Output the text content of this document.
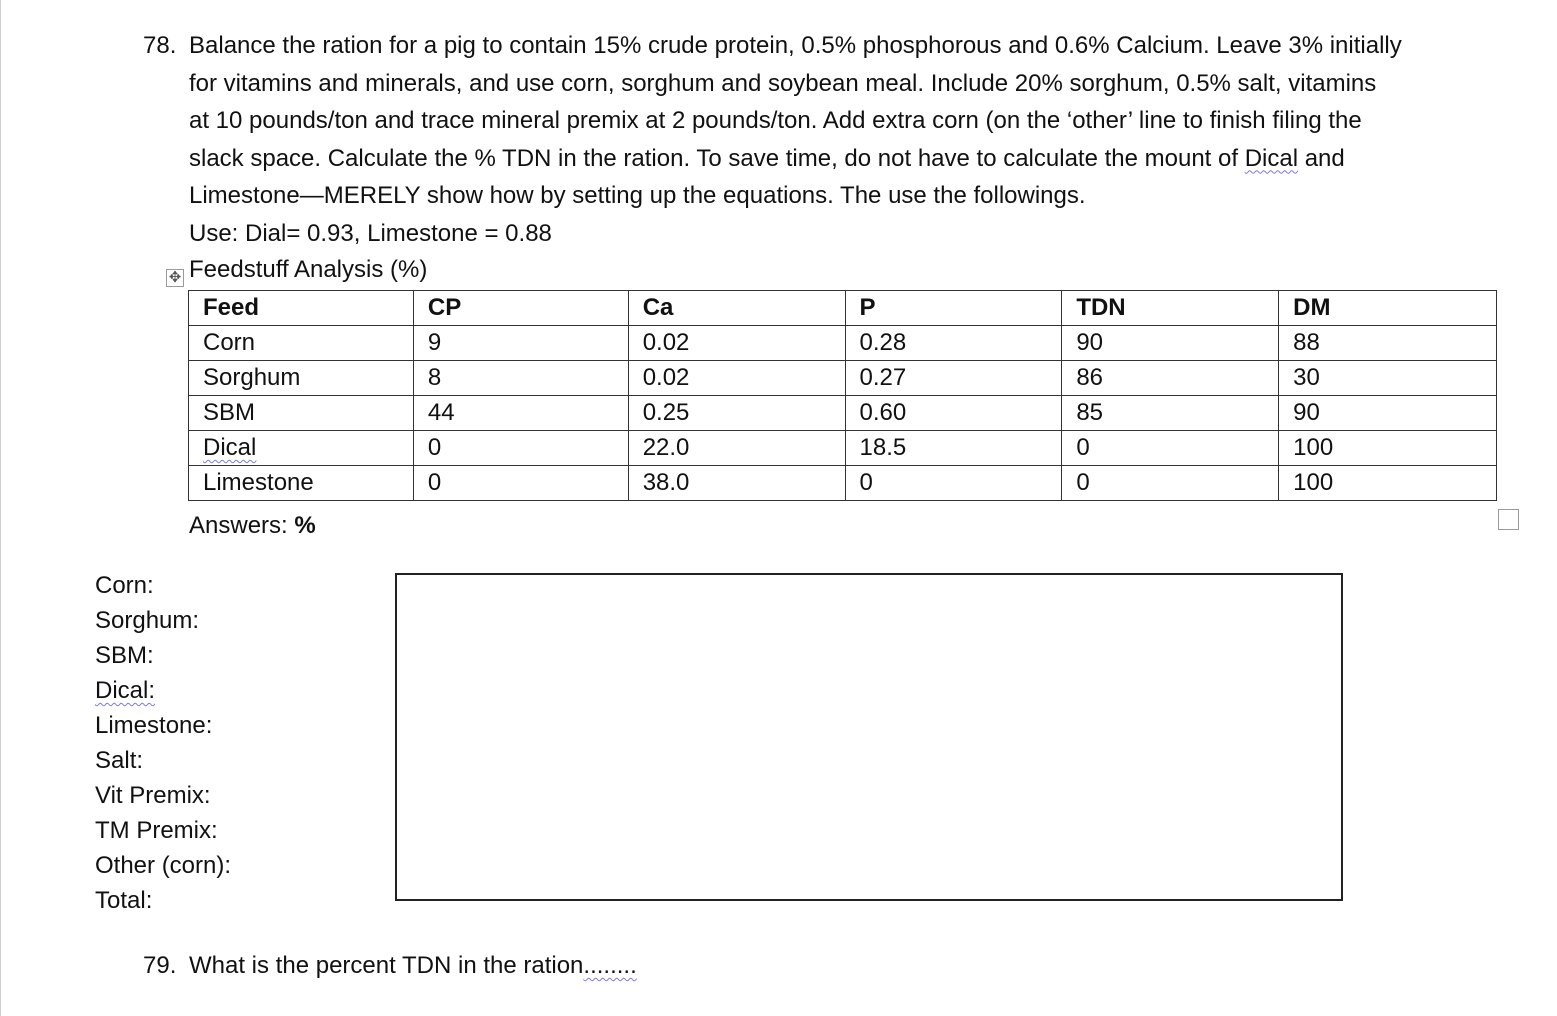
78. Balance the ration for a pig to contain 15% crude protein, 0.5% phosphorous and 0.6% Calcium. Leave 3% initially

for vitamins and minerals, and use corn, sorghum and soybean meal. Include 20% sorghum, 0.5% salt, vitamins

at 10 pounds/ton and trace mineral premix at 2 pounds/ton. Add extra corn (on the ‘other’ line to finish filing the

slack space. Calculate the % TDN in the ration. To save time, do not have to calculate the mount of Dical and

Limestone—MERELY show how by setting up the equations. The use the followings.

Use: Dial= 0.93, Limestone = 0.88

✥ Feedstuff Analysis (%)
Feed	CP	Ca	P	TDN	DM
Corn	9	0.02	0.28	90	88
Sorghum	8	0.02	0.27	86	30
SBM	44	0.25	0.60	85	90
Dical	0	22.0	18.5	0	100
Limestone	0	38.0	0	0	100
Answers: %
Corn:
Sorghum:
SBM:
Dical:
Limestone:
Salt:
Vit Premix:
TM Premix:
Other (corn):
Total:
79. What is the percent TDN in the ration........
